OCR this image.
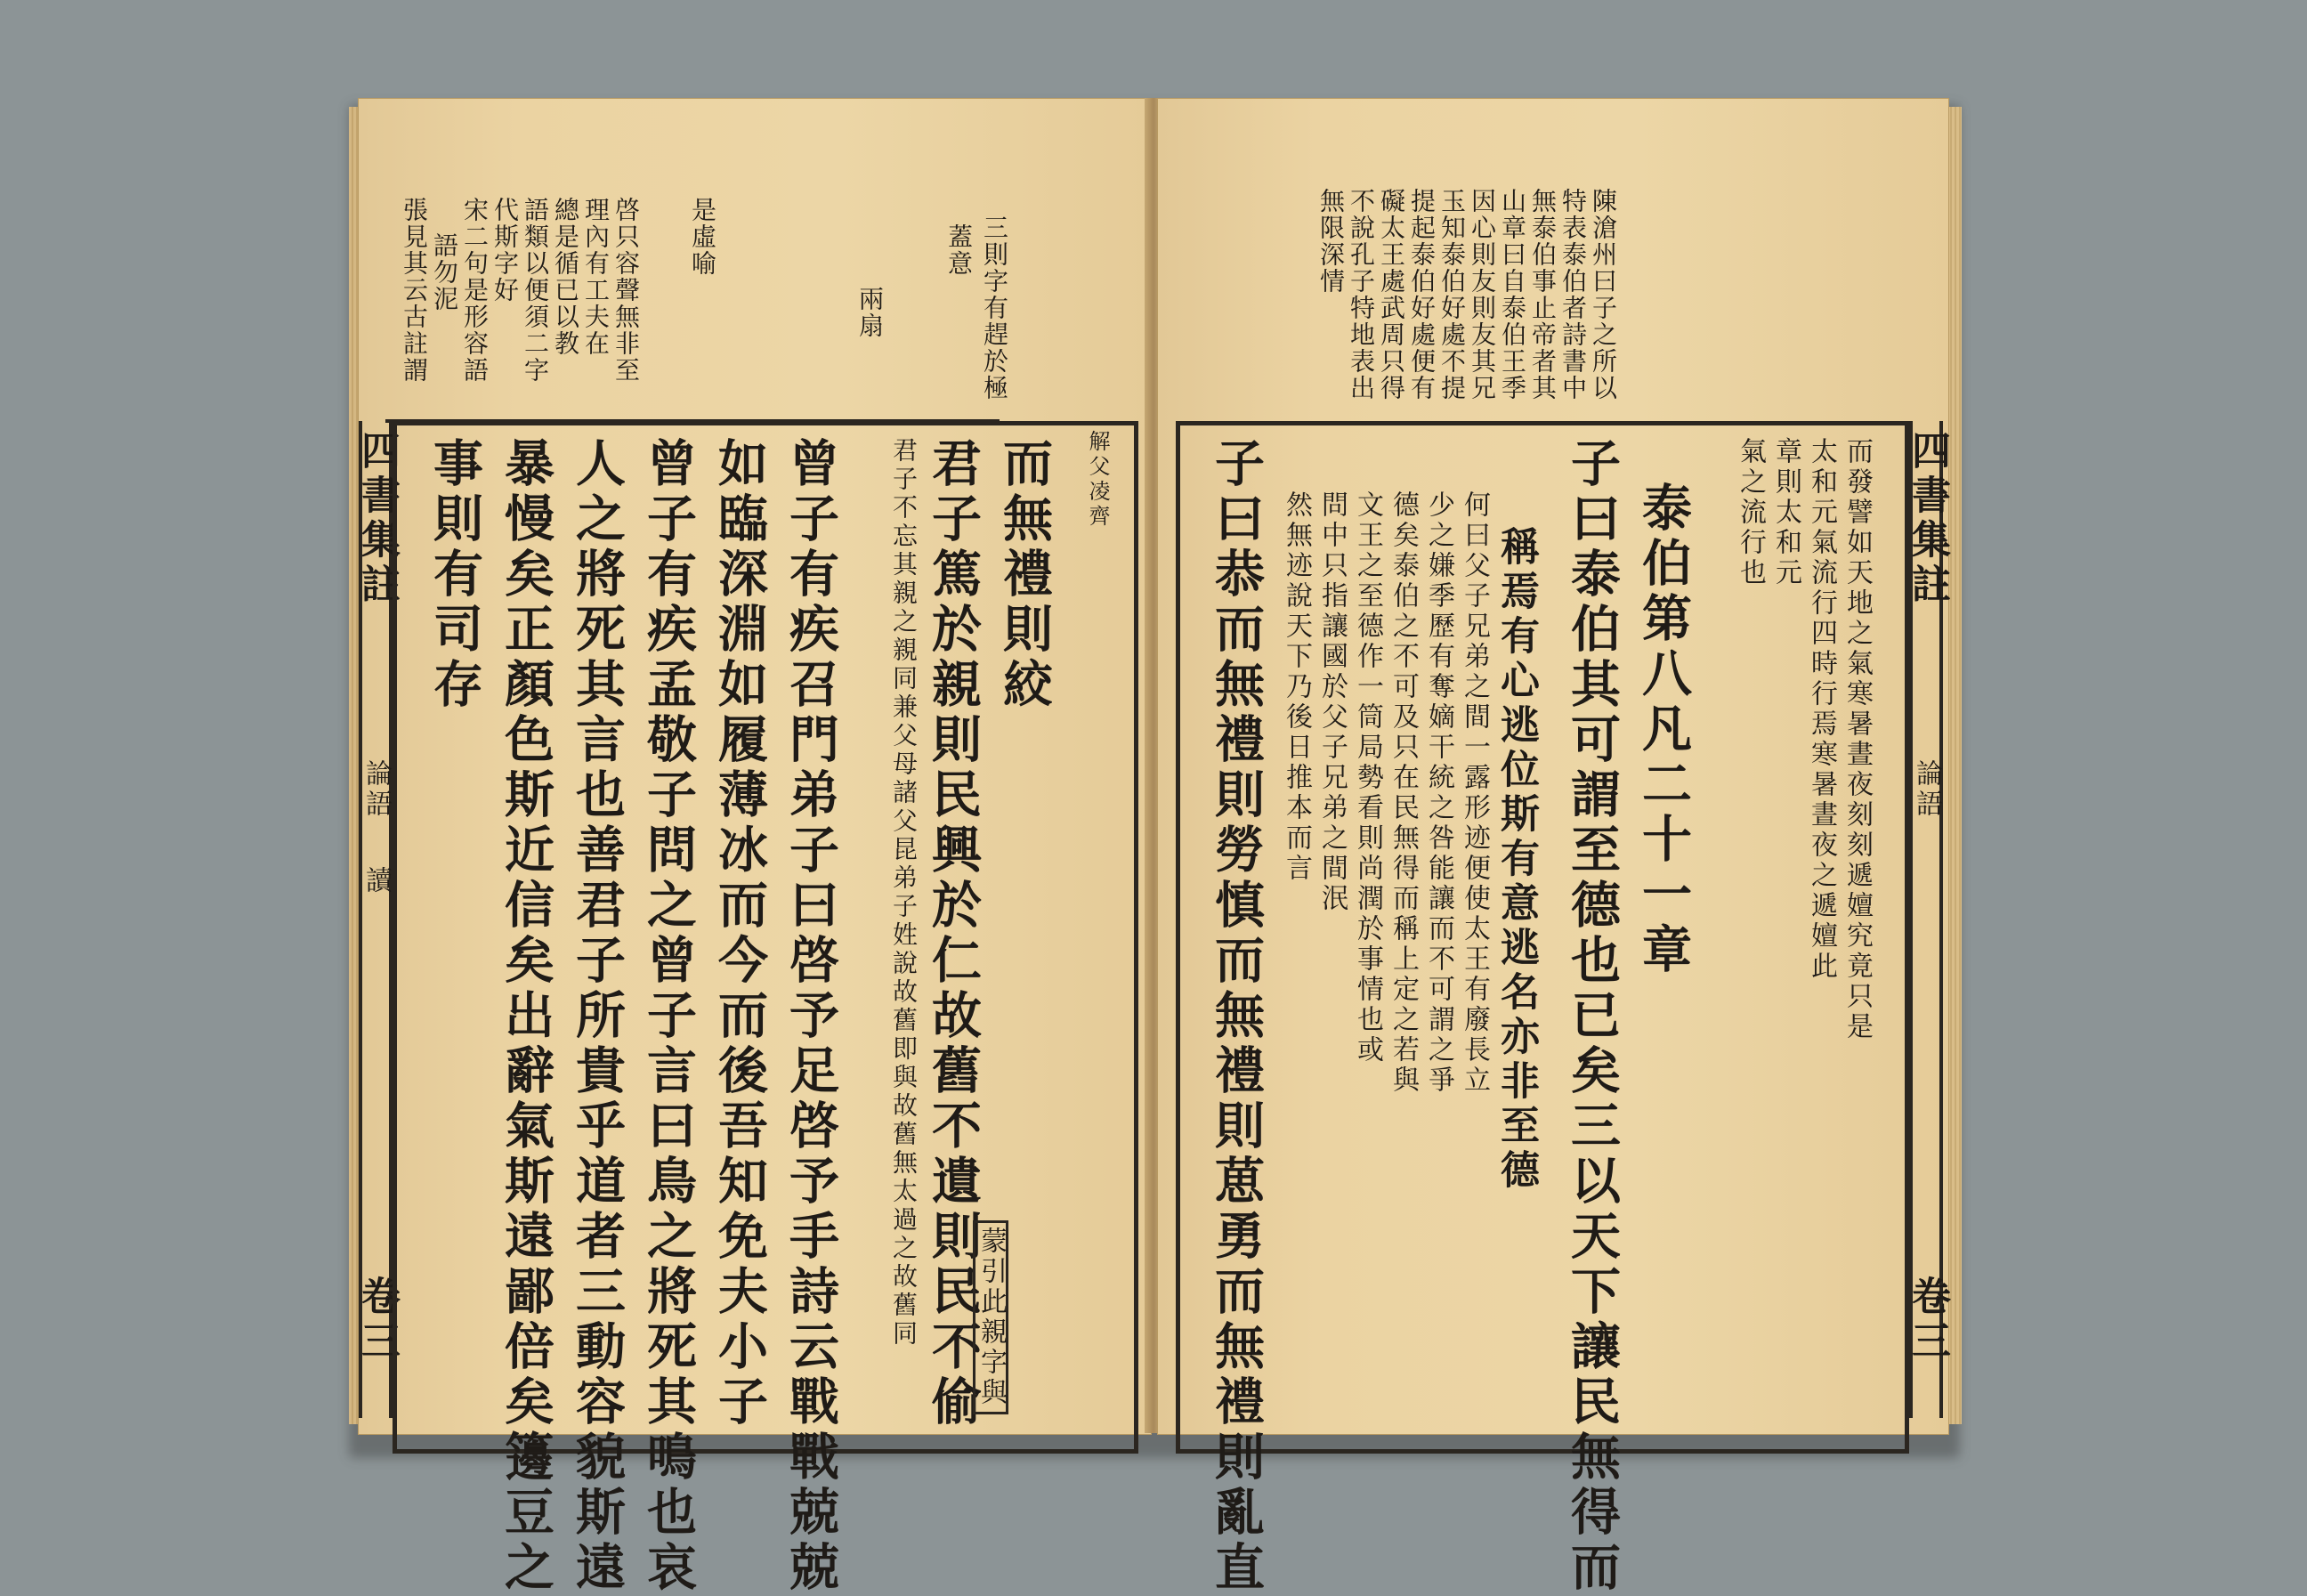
張見其云古註謂 語勿泥 宋二句是形容語 代斯字好 語類以便須二字 總是循已以教 理內有工夫在 啓只容聲無非至 是虛喻
兩扇
蓋意 三則字有趕於極
四書集註
論語
讀
卷三
事則有司存 暴慢矣正顏色斯近信矣出辭氣斯遠鄙倍矣籩豆之 人之將死其言也善君子所貴乎道者三動容貌斯遠 曾子有疾孟敬子問之曾子言曰鳥之將死其鳴也哀 如臨深淵如履薄冰而今而後吾知免夫小子 曾子有疾召門弟子曰啓予足啓予手詩云戰戰兢兢	君子不忘其親之親同兼父母諸父昆弟子姓說故舊即與故舊無太過之故舊同 君子篤於親則民興於仁故舊不遺則民不偷 而無禮則絞 解父凌齊
蒙引此親字與
無限深情 不說孔子特地表出 礙太王處武周只得 提起泰伯好處便有 玉知泰伯好處不提 因心則友則友其兄 山章曰自泰伯王季 無泰伯事止帝者其 特表泰伯者詩書中 陳滄州曰子之所以
子曰恭而無禮則勞慎而無禮則葸勇而無禮則亂直 然無迹說天下乃後日推本而言 問中只指讓國於父子兄弟之間泯 文王之至德作一筒局勢看則尚潤於事情也或 德矣泰伯之不可及只在民無得而稱上定之若與 少之嫌季歷有奪嫡干統之咎能讓而不可謂之爭 何曰父子兄弟之間一露形迹便使太王有廢長立 稱焉有心逃位斯有意逃名亦非至德 子曰泰伯其可謂至德也已矣三以天下讓民無得而 泰伯第八凡二十一章 氣之流行也 章則太和元 太和元氣流行四時行焉寒暑晝夜之遞嬗此 而發譬如天地之氣寒暑晝夜刻刻遞嬗究竟只是 四書集註
論語
卷三
